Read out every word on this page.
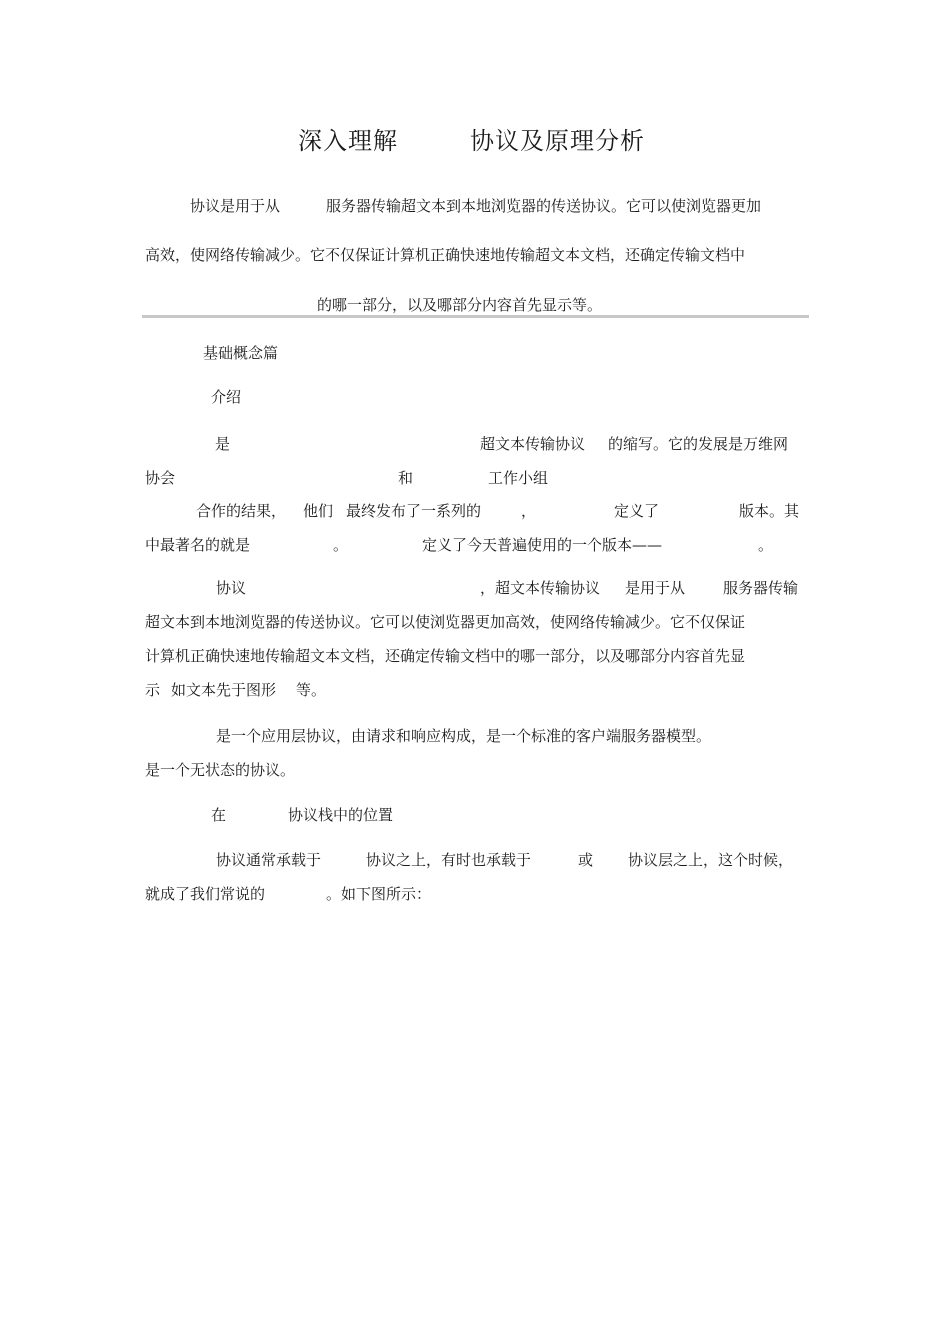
深入理解	协议及原理分析
协议是用于从	服务器传输超文本到本地浏览器的传送协议。它可以使浏览器更加
高效，使网络传输减少。它不仅保证计算机正确快速地传输超文本文档，还确定传输文档中
的哪一部分，以及哪部分内容首先显示等。
基础概念篇
介绍
是	超文本传输协议 的缩写。它的发展是万维网
协会	和	工作小组
合作的结果， 他们 最终发布了一系列的	，	定义了	版本。其
中最著名的就是	。	定义了今天普遍使用的一个版本——	。
协议	，超文本传输协议 是用于从	服务器传输
超文本到本地浏览器的传送协议。它可以使浏览器更加高效，使网络传输减少。它不仅保证
计算机正确快速地传输超文本文档，还确定传输文档中的哪一部分，以及哪部分内容首先显
示 如文本先于图形 等。
是一个应用层协议，由请求和响应构成，是一个标准的客户端服务器模型。
是一个无状态的协议。
在	协议栈中的位置
协议通常承载于	协议之上，有时也承载于	或 协议层之上，这个时候，
就成了我们常说的	。如下图所示：
